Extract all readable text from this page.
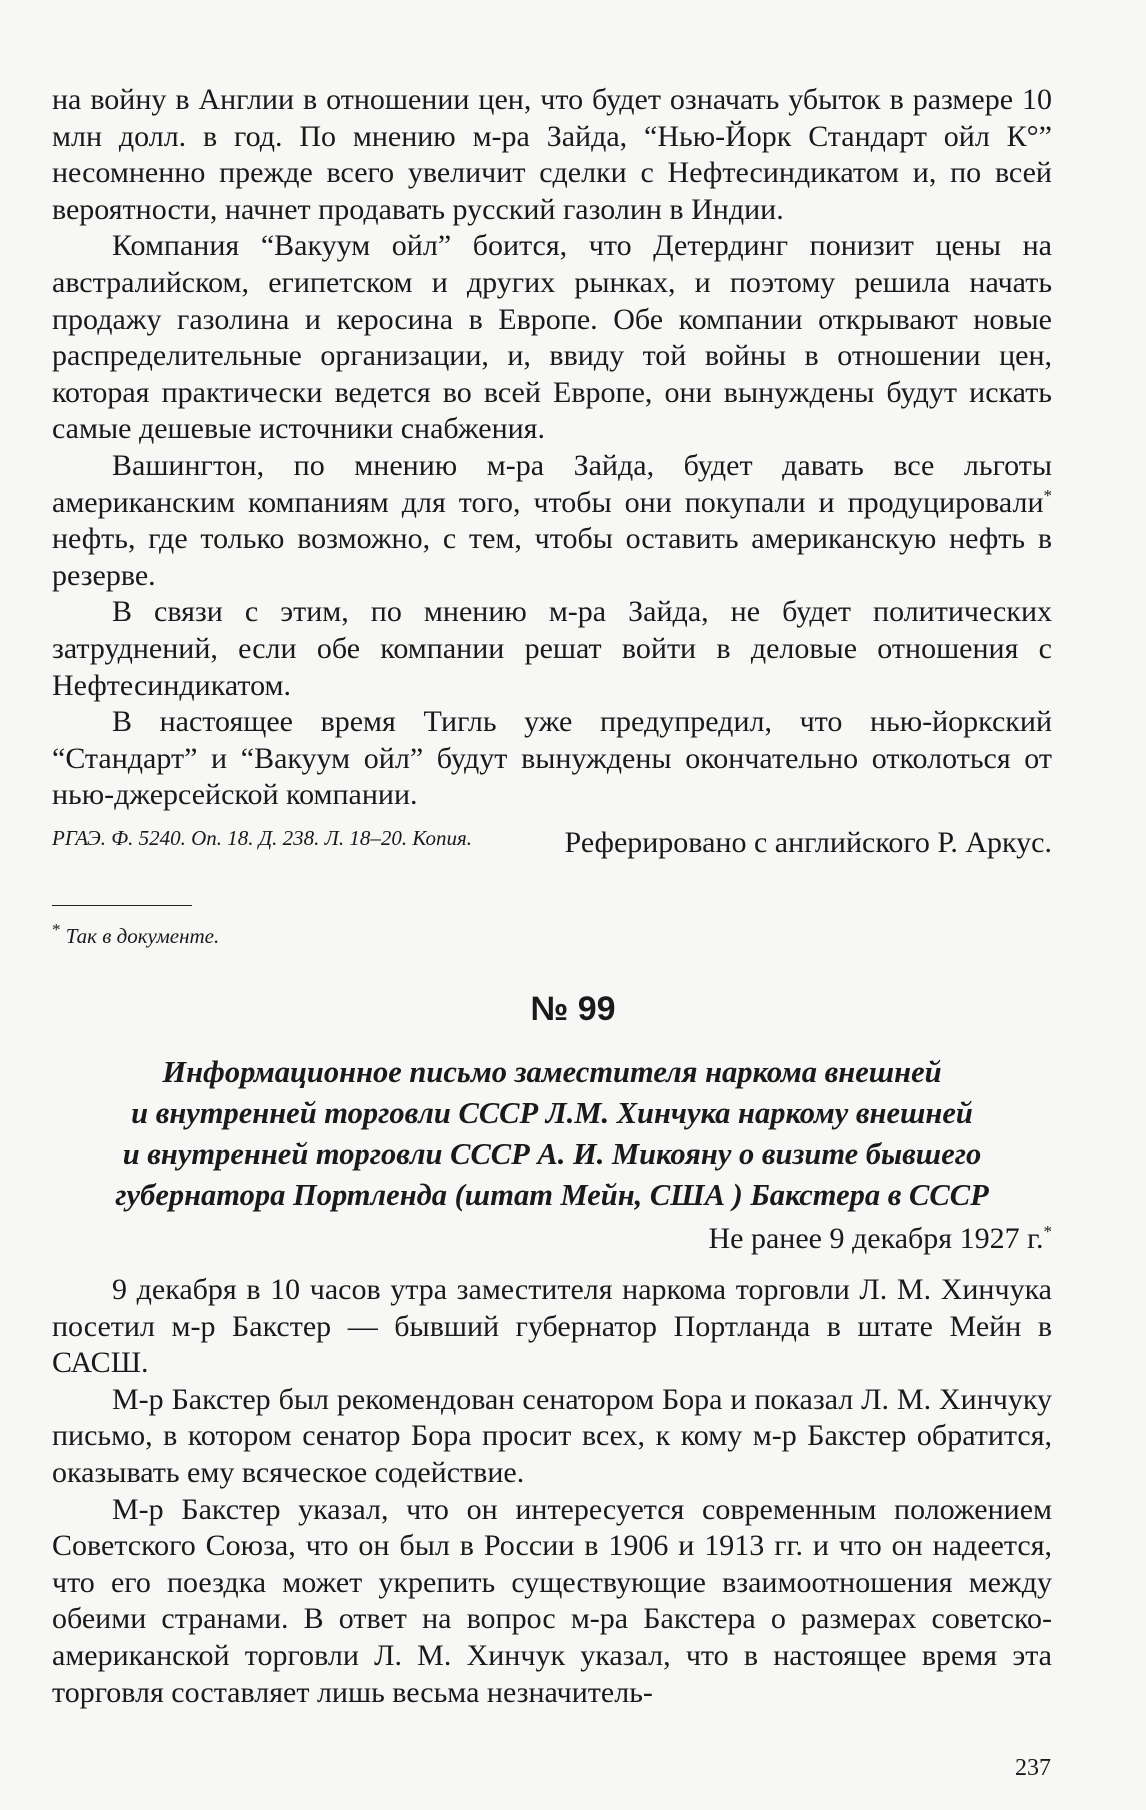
на войну в Англии в отношении цен, что будет означать убыток в размере 10 млн долл. в год. По мнению м-ра Зайда, “Нью-Йорк Стандарт ойл К°” несомненно прежде всего увеличит сделки с Нефтесиндикатом и, по всей вероятности, начнет продавать русский газолин в Индии.

Компания “Вакуум ойл” боится, что Детердинг понизит цены на австралийском, египетском и других рынках, и поэтому решила начать продажу газолина и керосина в Европе. Обе компании открывают новые распределительные организации, и, ввиду той войны в отношении цен, которая практически ведется во всей Европе, они вынуждены будут искать самые дешевые источники снабжения.

Вашингтон, по мнению м-ра Зайда, будет давать все льготы американским компаниям для того, чтобы они покупали и продуцировали* нефть, где только возможно, с тем, чтобы оставить американскую нефть в резерве.

В связи с этим, по мнению м-ра Зайда, не будет политических затруднений, если обе компании решат войти в деловые отношения с Нефтесиндикатом.

В настоящее время Тигль уже предупредил, что нью-йоркский “Стандарт” и “Вакуум ойл” будут вынуждены окончательно отколоться от нью-джерсейской компании.

Реферировано с английского Р. Аркус.

РГАЭ. Ф. 5240. Оп. 18. Д. 238. Л. 18–20. Копия.
* Так в документе.
№ 99
Информационное письмо заместителя наркома внешней
и внутренней торговли СССР Л.М. Хинчука наркому внешней
и внутренней торговли СССР А. И. Микояну о визите бывшего
губернатора Портленда (штат Мейн, США ) Бакстера в СССР
Не ранее 9 декабря 1927 г.*

9 декабря в 10 часов утра заместителя наркома торговли Л. М. Хинчука посетил м-р Бакстер — бывший губернатор Портланда в штате Мейн в САСШ.

М-р Бакстер был рекомендован сенатором Бора и показал Л. М. Хинчуку письмо, в котором сенатор Бора просит всех, к кому м-р Бакстер обратится, оказывать ему всяческое содействие.

М-р Бакстер указал, что он интересуется современным положением Советского Союза, что он был в России в 1906 и 1913 гг. и что он надеется, что его поездка может укрепить существующие взаимоотношения между обеими странами. В ответ на вопрос м-ра Бакстера о размерах советско-американской торговли Л. М. Хинчук указал, что в настоящее время эта торговля составляет лишь весьма незначитель-

237
